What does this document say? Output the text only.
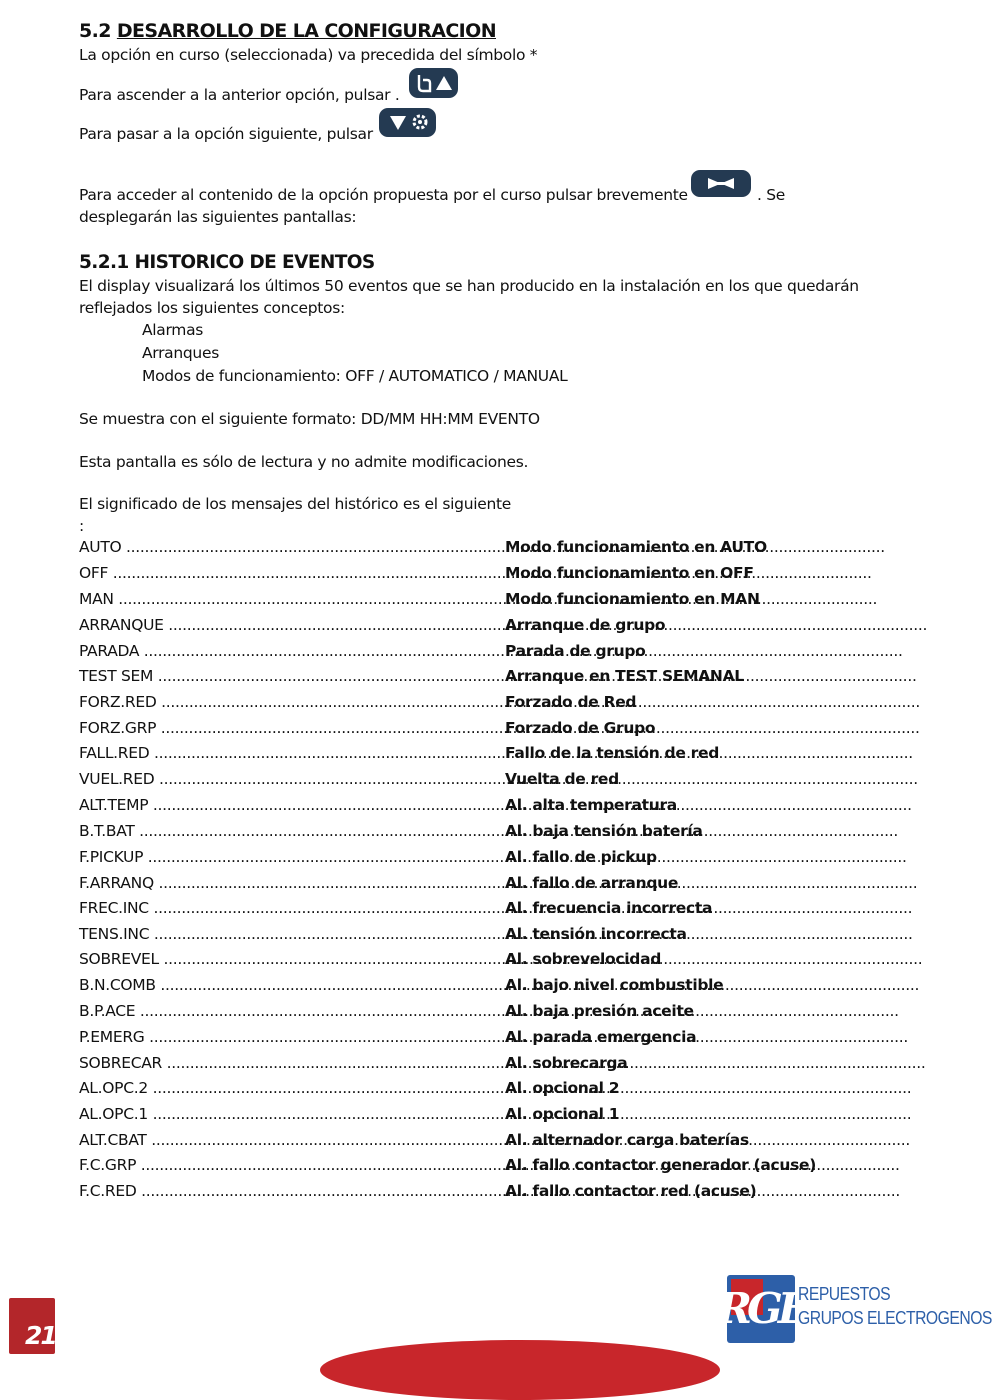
5.2 DESARROLLO DE LA CONFIGURACION
La opción en curso (seleccionada) va precedida del símbolo *
Para ascender a la anterior opción, pulsar .
Para pasar a la opción siguiente, pulsar
Para acceder al contenido de la opción propuesta por el curso pulsar brevemente	. Se
desplegarán las siguientes pantallas:
5.2.1 HISTORICO DE EVENTOS
El display visualizará los últimos 50 eventos que se han producido en la instalación en los que quedarán
reflejados los siguientes conceptos:
Alarmas
Arranques
Modos de funcionamiento: OFF / AUTOMATICO / MANUAL
Se muestra con el siguiente formato: DD/MM HH:MM EVENTO
Esta pantalla es sólo de lectura y no admite modificaciones.
El significado de los mensajes del histórico es el siguiente
:
AUTO .....	Modo funcionamiento en AUTO
OFF .....	Modo funcionamiento en OFF
MAN .....	Modo funcionamiento en MAN
ARRANQUE .....	Arranque de grupo
PARADA .....	Parada de grupo
TEST SEM .....	Arranque en TEST SEMANAL
FORZ.RED .....	Forzado de Red
FORZ.GRP .....	Forzado de Grupo
FALL.RED .....	Fallo de la tensión de red
VUEL.RED .....	Vuelta de red
ALT.TEMP .....	Al. alta temperatura
B.T.BAT .....	Al. baja tensión batería
F.PICKUP .....	Al. fallo de pickup
F.ARRANQ .....	Al. fallo de arranque
FREC.INC .....	Al. frecuencia incorrecta
TENS.INC .....	Al. tensión incorrecta
SOBREVEL .....	Al. sobrevelocidad
B.N.COMB .....	Al. bajo nivel combustible
B.P.ACE .....	Al. baja presión aceite
P.EMERG .....	Al. parada emergencia
SOBRECAR .....	Al. sobrecarga
AL.OPC.2 .....	Al. opcional 2
AL.OPC.1 .....	Al. opcional 1
ALT.CBAT .....	Al. alternador carga baterías
F.C.GRP .....	Al. fallo contactor generador (acuse)
F.C.RED .....	Al. fallo contactor red (acuse)
21
RGE
REPUESTOS
GRUPOS ELECTROGENOS
